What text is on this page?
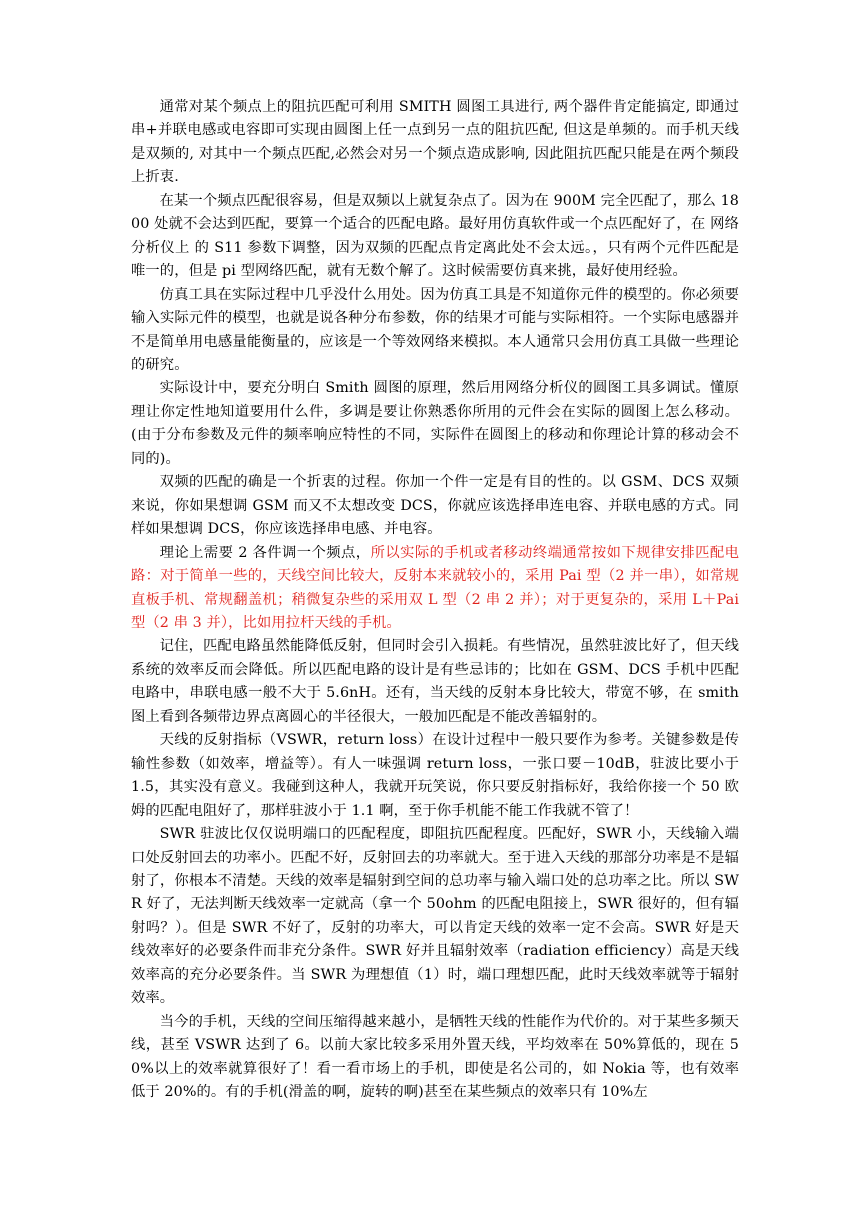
通常对某个频点上的阻抗匹配可利用 SMITH 圆图工具进行, 两个器件肯定能搞定, 即通过串+并联电感或电容即可实现由圆图上任一点到另一点的阻抗匹配, 但这是单频的。而手机天线是双频的, 对其中一个频点匹配,必然会对另一个频点造成影响, 因此阻抗匹配只能是在两个频段上折衷.

在某一个频点匹配很容易，但是双频以上就复杂点了。因为在 900M 完全匹配了，那么 1800 处就不会达到匹配，要算一个适合的匹配电路。最好用仿真软件或一个点匹配好了，在 网络分析仪上 的 S11 参数下调整，因为双频的匹配点肯定离此处不会太远。，只有两个元件匹配是唯一的，但是 pi 型网络匹配，就有无数个解了。这时候需要仿真来挑，最好使用经验。

仿真工具在实际过程中几乎没什么用处。因为仿真工具是不知道你元件的模型的。你必须要输入实际元件的模型，也就是说各种分布参数，你的结果才可能与实际相符。一个实际电感器并不是简单用电感量能衡量的，应该是一个等效网络来模拟。本人通常只会用仿真工具做一些理论的研究。

实际设计中，要充分明白 Smith 圆图的原理，然后用网络分析仪的圆图工具多调试。懂原理让你定性地知道要用什么件，多调是要让你熟悉你所用的元件会在实际的圆图上怎么移动。(由于分布参数及元件的频率响应特性的不同，实际件在圆图上的移动和你理论计算的移动会不同的)。

双频的匹配的确是一个折衷的过程。你加一个件一定是有目的性的。以 GSM、DCS 双频来说，你如果想调 GSM 而又不太想改变 DCS，你就应该选择串连电容、并联电感的方式。同样如果想调 DCS，你应该选择串电感、并电容。

理论上需要 2 各件调一个频点，所以实际的手机或者移动终端通常按如下规律安排匹配电路：对于简单一些的，天线空间比较大，反射本来就较小的，采用 Pai 型（2 并一串），如常规直板手机、常规翻盖机；稍微复杂些的采用双 L 型（2 串 2 并）；对于更复杂的，采用 L＋Pai 型（2 串 3 并），比如用拉杆天线的手机。

记住，匹配电路虽然能降低反射，但同时会引入损耗。有些情况，虽然驻波比好了，但天线系统的效率反而会降低。所以匹配电路的设计是有些忌讳的；比如在 GSM、DCS 手机中匹配电路中，串联电感一般不大于 5.6nH。还有，当天线的反射本身比较大，带宽不够，在 smith 图上看到各频带边界点离圆心的半径很大，一般加匹配是不能改善辐射的。

天线的反射指标（VSWR，return loss）在设计过程中一般只要作为参考。关键参数是传输性参数（如效率，增益等）。有人一味强调 return loss，一张口要－10dB，驻波比要小于 1.5，其实没有意义。我碰到这种人，我就开玩笑说，你只要反射指标好，我给你接一个 50 欧姆的匹配电阻好了，那样驻波小于 1.1 啊，至于你手机能不能工作我就不管了！

SWR 驻波比仅仅说明端口的匹配程度，即阻抗匹配程度。匹配好，SWR 小，天线输入端口处反射回去的功率小。匹配不好，反射回去的功率就大。至于进入天线的那部分功率是不是辐射了，你根本不清楚。天线的效率是辐射到空间的总功率与输入端口处的总功率之比。所以 SWR 好了，无法判断天线效率一定就高（拿一个 50ohm 的匹配电阻接上，SWR 很好的，但有辐射吗？）。但是 SWR 不好了，反射的功率大，可以肯定天线的效率一定不会高。SWR 好是天线效率好的必要条件而非充分条件。SWR 好并且辐射效率（radiation efficiency）高是天线效率高的充分必要条件。当 SWR 为理想值（1）时，端口理想匹配，此时天线效率就等于辐射效率。

当今的手机，天线的空间压缩得越来越小，是牺牲天线的性能作为代价的。对于某些多频天线，甚至 VSWR 达到了 6。以前大家比较多采用外置天线，平均效率在 50%算低的，现在 50%以上的效率就算很好了！看一看市场上的手机，即使是名公司的，如 Nokia 等，也有效率低于 20%的。有的手机(滑盖的啊，旋转的啊)甚至在某些频点的效率只有 10%左
